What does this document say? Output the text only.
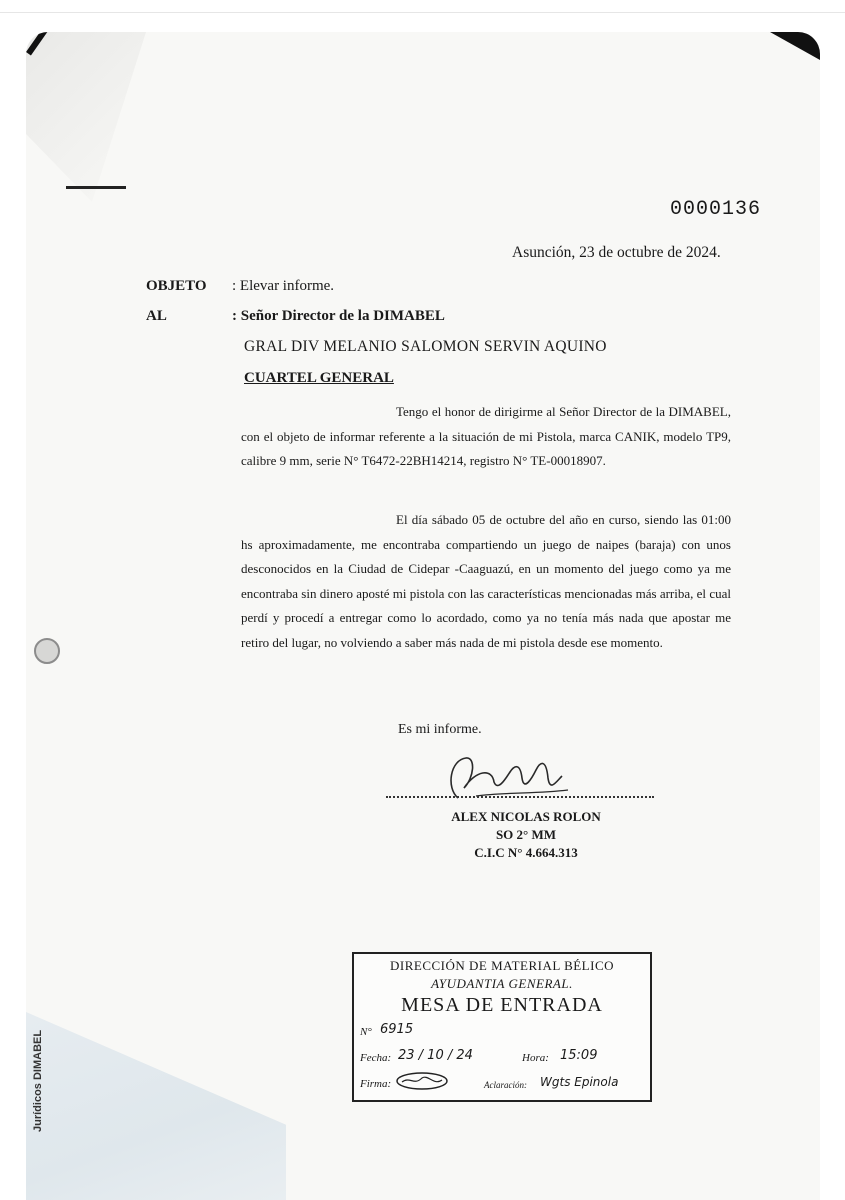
Jurídicos DIMABEL
0000136
Asunción, 23 de octubre de 2024.
OBJETO : Elevar informe.
AL	: Señor Director de la DIMABEL
GRAL DIV MELANIO SALOMON SERVIN AQUINO
CUARTEL GENERAL

Tengo el honor de dirigirme al Señor Director de la DIMABEL, con el objeto de informar referente a la situación de mi Pistola, marca CANIK, modelo TP9, calibre 9 mm, serie N° T6472-22BH14214, registro N° TE-00018907.

El día sábado 05 de octubre del año en curso, siendo las 01:00 hs aproximadamente, me encontraba compartiendo un juego de naipes (baraja) con unos desconocidos en la Ciudad de Cidepar -Caaguazú, en un momento del juego como ya me encontraba sin dinero aposté mi pistola con las características mencionadas más arriba, el cual perdí y procedí a entregar como lo acordado, como ya no tenía más nada que apostar me retiro del lugar, no volviendo a saber más nada de mi pistola desde ese momento.

Es mi informe.
ALEX NICOLAS ROLON
SO 2° MM
C.I.C N° 4.664.313
DIRECCIÓN DE MATERIAL BÉLICO
AYUDANTIA GENERAL.
MESA DE ENTRADA
N° 6915
Fecha: 23 / 10 / 24	Hora: 15:09
Firma:	Aclaración: Wgts Epinola
